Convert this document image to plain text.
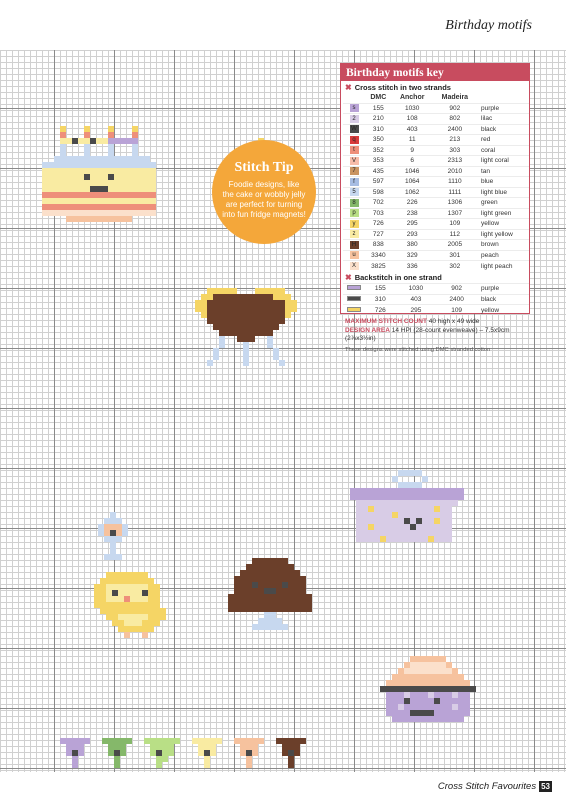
Birthday motifs
Stitch Tip
Foodie designs, like the cake or wobbly jelly are perfect for turning into fun fridge magnets!
Birthday motifs key
✖ Cross stitch in two strands
	DMC	Anchor	Madeira	
s	155	1030	902	purple
2	210	108	802	lilac
W	310	403	2400	black
q	350	11	213	red
t	352	9	303	coral
V	353	6	2313	light coral
7	435	1046	2010	tan
f	597	1064	1110	blue
5	598	1062	1111	light blue
8	702	226	1306	green
p	703	238	1307	light green
y	726	295	109	yellow
z	727	293	112	light yellow
H	838	380	2005	brown
u	3340	329	301	peach
X	3825	336	302	light peach
✖ Backstitch in one strand
	155	1030	902	purple
	310	403	2400	black
	726	295	109	yellow
MAXIMUM STITCH COUNT 40 high x 49 wide
DESIGN AREA 14 HPI (28-count evenweave) – 7.5x9cm (2⅞x3½in)
These designs were stitched using DMC stranded cotton
Cross Stitch Favourites 53
